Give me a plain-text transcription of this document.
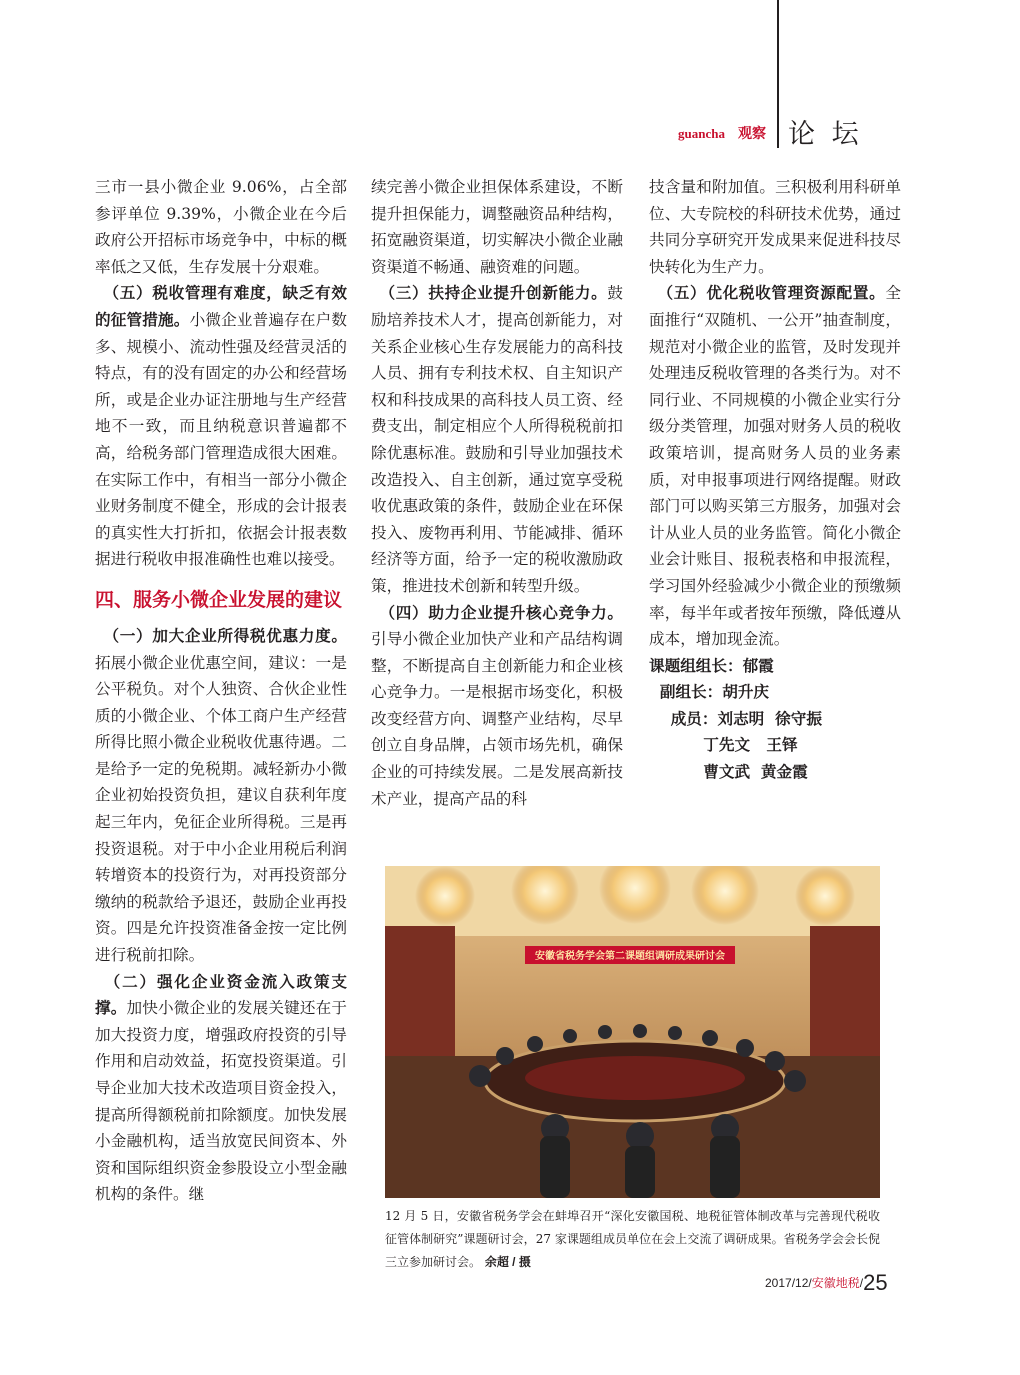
guancha 观察 论 坛

三市一县小微企业 9.06%，占全部参评单位 9.39%，小微企业在今后政府公开招标市场竞争中，中标的概率低之又低，生存发展十分艰难。

　（五）税收管理有难度，缺乏有效的征管措施。小微企业普遍存在户数多、规模小、流动性强及经营灵活的特点，有的没有固定的办公和经营场所，或是企业办证注册地与生产经营地不一致，而且纳税意识普遍都不高，给税务部门管理造成很大困难。在实际工作中，有相当一部分小微企业财务制度不健全，形成的会计报表的真实性大打折扣，依据会计报表数据进行税收申报准确性也难以接受。

四、服务小微企业发展的建议

　（一）加大企业所得税优惠力度。拓展小微企业优惠空间，建议：一是公平税负。对个人独资、合伙企业性质的小微企业、个体工商户生产经营所得比照小微企业税收优惠待遇。二是给予一定的免税期。减轻新办小微企业初始投资负担，建议自获利年度起三年内，免征企业所得税。三是再投资退税。对于中小企业用税后利润转增资本的投资行为，对再投资部分缴纳的税款给予退还，鼓励企业再投资。四是允许投资准备金按一定比例进行税前扣除。

　（二）强化企业资金流入政策支撑。加快小微企业的发展关键还在于加大投资力度，增强政府投资的引导作用和启动效益，拓宽投资渠道。引导企业加大技术改造项目资金投入，提高所得额税前扣除额度。加快发展小金融机构，适当放宽民间资本、外资和国际组织资金参股设立小型金融机构的条件。继

续完善小微企业担保体系建设，不断提升担保能力，调整融资品种结构，拓宽融资渠道，切实解决小微企业融资渠道不畅通、融资难的问题。

　（三）扶持企业提升创新能力。鼓励培养技术人才，提高创新能力，对关系企业核心生存发展能力的高科技人员、拥有专利技术权、自主知识产权和科技成果的高科技人员工资、经费支出，制定相应个人所得税税前扣除优惠标准。鼓励和引导业加强技术改造投入、自主创新，通过宽享受税收优惠政策的条件，鼓励企业在环保投入、废物再利用、节能减排、循环经济等方面，给予一定的税收激励政策，推进技术创新和转型升级。

　（四）助力企业提升核心竞争力。引导小微企业加快产业和产品结构调整，不断提高自主创新能力和企业核心竞争力。一是根据市场变化，积极改变经营方向、调整产业结构，尽早创立自身品牌，占领市场先机，确保企业的可持续发展。二是发展高新技术产业，提高产品的科

技含量和附加值。三积极利用科研单位、大专院校的科研技术优势，通过共同分享研究开发成果来促进科技尽快转化为生产力。

　（五）优化税收管理资源配置。全面推行“双随机、一公开”抽查制度，规范对小微企业的监管，及时发现并处理违反税收管理的各类行为。对不同行业、不同规模的小微企业实行分级分类管理，加强对财务人员的税收政策培训，提高财务人员的业务素质，对申报事项进行网络提醒。财政部门可以购买第三方服务，加强对会计从业人员的业务监管。简化小微企业会计账目、报税表格和申报流程，学习国外经验减少小微企业的预缴频率，每半年或者按年预缴，降低遵从成本，增加现金流。

课题组组长：郁霞

副组长：胡升庆

成员：刘志明  徐守振

丁先文   王铎

曹文武  黄金霞

安徽省税务学会第二课题组调研成果研讨会
12 月 5 日，安徽省税务学会在蚌埠召开“深化安徽国税、地税征管体制改革与完善现代税收征管体制研究”课题研讨会，27 家课题组成员单位在会上交流了调研成果。省税务学会会长倪三立参加研讨会。 余超 / 摄
2017/12/安徽地税/25
